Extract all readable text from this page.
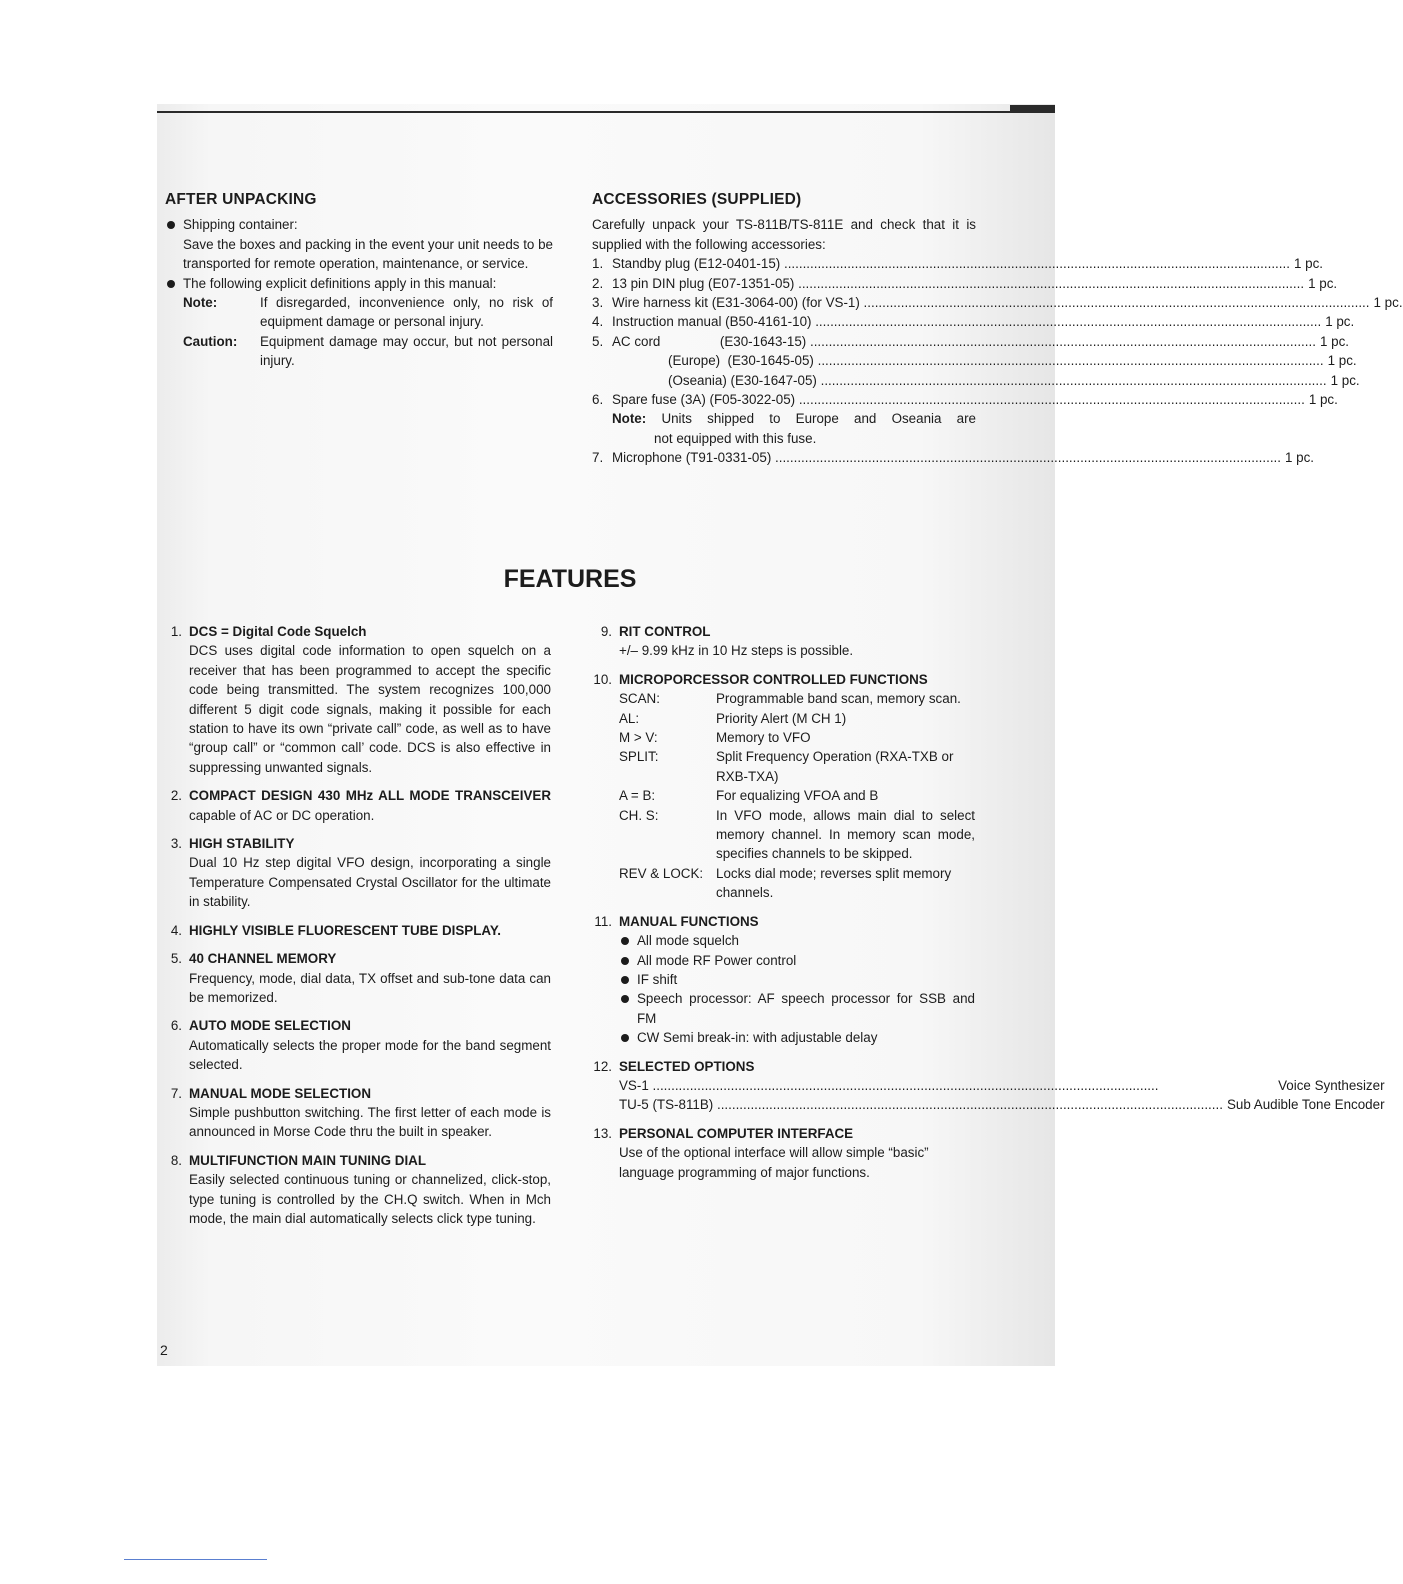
AFTER UNPACKING

Shipping container:

Save the boxes and packing in the event your unit needs to be transported for remote operation, maintenance, or service.

The following explicit definitions apply in this manual:

Note:	If disregarded, inconvenience only, no risk of equipment damage or personal injury.
Caution:	Equipment damage may occur, but not personal injury.
ACCESSORIES (SUPPLIED)

Carefully unpack your TS-811B/TS-811E and check that it is supplied with the following accessories:

1. Standby plug (E12-0401-15) .....	1 pc.
2. 13 pin DIN plug (E07-1351-05) .....	1 pc.
3. Wire harness kit (E31-3064-00) (for VS-1) .....	1 pc.
4. Instruction manual (B50-4161-10) .....	1 pc.
5. AC cord                (E30-1643-15) .....	1 pc.
(Europe)  (E30-1645-05) .....	1 pc.
(Oseania) (E30-1647-05) .....	1 pc.
6. Spare fuse (3A) (F05-3022-05) .....	1 pc.

Note: Units shipped to Europe and Oseania are

not equipped with this fuse.

7. Microphone (T91-0331-05) .....	1 pc.
FEATURES
1. DCS = Digital Code Squelch

DCS uses digital code information to open squelch on a receiver that has been programmed to accept the specific code being transmitted. The system recognizes 100,000 different 5 digit code signals, making it possible for each station to have its own “private call” code, as well as to have “group call” or “common call’ code. DCS is also effective in suppressing unwanted signals.

2. COMPACT DESIGN 430 MHz ALL MODE TRANSCEIVER capable of AC or DC operation.

3. HIGH STABILITY

Dual 10 Hz step digital VFO design, incorporating a single Temperature Compensated Crystal Oscillator for the ultimate in stability.

4. HIGHLY VISIBLE FLUORESCENT TUBE DISPLAY.

5. 40 CHANNEL MEMORY

Frequency, mode, dial data, TX offset and sub-tone data can be memorized.

6. AUTO MODE SELECTION

Automatically selects the proper mode for the band segment selected.

7. MANUAL MODE SELECTION

Simple pushbutton switching. The first letter of each mode is announced in Morse Code thru the built in speaker.

8. MULTIFUNCTION MAIN TUNING DIAL

Easily selected continuous tuning or channelized, click-stop, type tuning is controlled by the CH.Q switch. When in Mch mode, the main dial automatically selects click type tuning.

9. RIT CONTROL

+/– 9.99 kHz in 10 Hz steps is possible.

10. MICROPORCESSOR CONTROLLED FUNCTIONS

SCAN:	Programmable band scan, memory scan.
AL:	Priority Alert (M CH 1)
M > V:	Memory to VFO
SPLIT:	Split Frequency Operation (RXA-TXB or RXB-TXA)
A = B:	For equalizing VFOA and B
CH. S:	In VFO mode, allows main dial to select memory channel. In memory scan mode, specifies channels to be skipped.
REV & LOCK: Locks dial mode; reverses split memory channels.
11. MANUAL FUNCTIONS

All mode squelch
All mode RF Power control
IF shift
Speech processor: AF speech processor for SSB and FM
CW Semi break-in: with adjustable delay
12. SELECTED OPTIONS

VS-1 .....	Voice Synthesizer
TU-5 (TS-811B) .....	Sub Audible Tone Encoder
13. PERSONAL COMPUTER INTERFACE

Use of the optional interface will allow simple “basic” language programming of major functions.

2
